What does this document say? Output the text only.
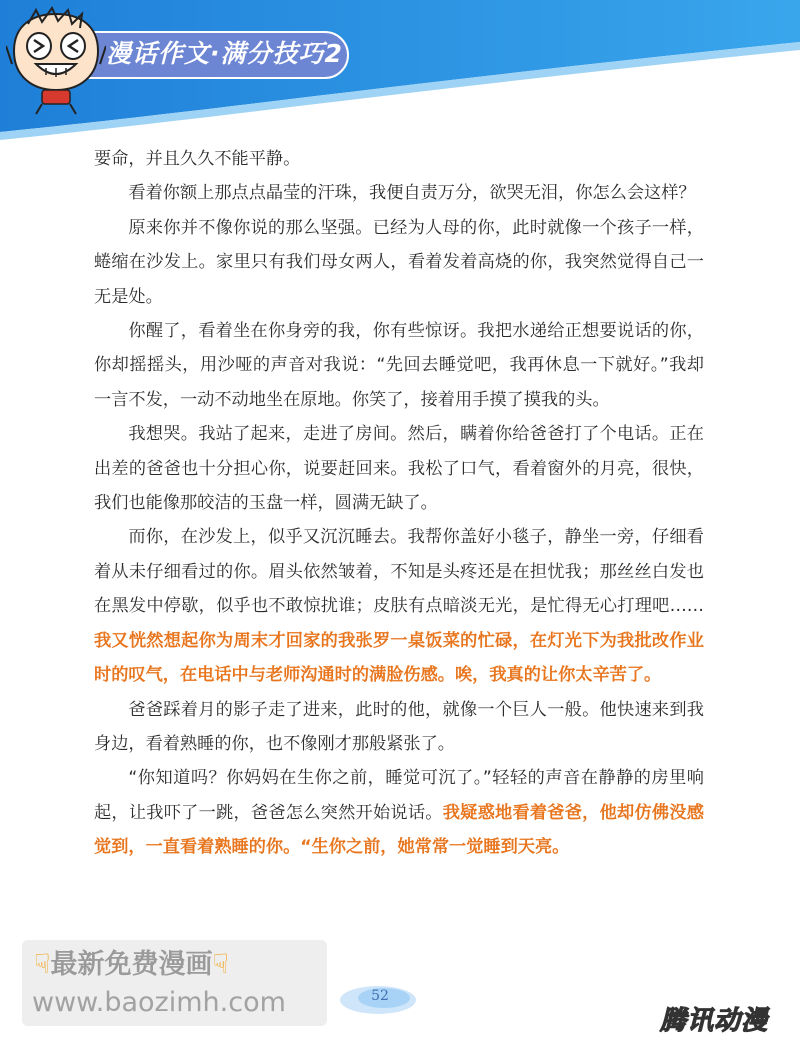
漫话作文·满分技巧2

要命，并且久久不能平静。

看着你额上那点点晶莹的汗珠，我便自责万分，欲哭无泪，你怎么会这样？

原来你并不像你说的那么坚强。已经为人母的你，此时就像一个孩子一样，蜷缩在沙发上。家里只有我们母女两人，看着发着高烧的你，我突然觉得自己一无是处。

你醒了，看着坐在你身旁的我，你有些惊讶。我把水递给正想要说话的你，你却摇摇头，用沙哑的声音对我说：“先回去睡觉吧，我再休息一下就好。”我却一言不发，一动不动地坐在原地。你笑了，接着用手摸了摸我的头。

我想哭。我站了起来，走进了房间。然后，瞒着你给爸爸打了个电话。正在出差的爸爸也十分担心你，说要赶回来。我松了口气，看着窗外的月亮，很快，我们也能像那皎洁的玉盘一样，圆满无缺了。

而你，在沙发上，似乎又沉沉睡去。我帮你盖好小毯子，静坐一旁，仔细看着从未仔细看过的你。眉头依然皱着，不知是头疼还是在担忧我；那丝丝白发也在黑发中停歇，似乎也不敢惊扰谁；皮肤有点暗淡无光，是忙得无心打理吧…… 我又恍然想起你为周末才回家的我张罗一桌饭菜的忙碌，在灯光下为我批改作业时的叹气，在电话中与老师沟通时的满脸伤感。唉，我真的让你太辛苦了。

爸爸踩着月的影子走了进来，此时的他，就像一个巨人一般。他快速来到我身边，看着熟睡的你，也不像刚才那般紧张了。

“你知道吗？你妈妈在生你之前，睡觉可沉了。”轻轻的声音在静静的房里响起，让我吓了一跳，爸爸怎么突然开始说话。我疑惑地看着爸爸，他却仿佛没感觉到，一直看着熟睡的你。“生你之前，她常常一觉睡到天亮。

☟最新免费漫画☟
www.baozimh.com	52
腾讯动漫
